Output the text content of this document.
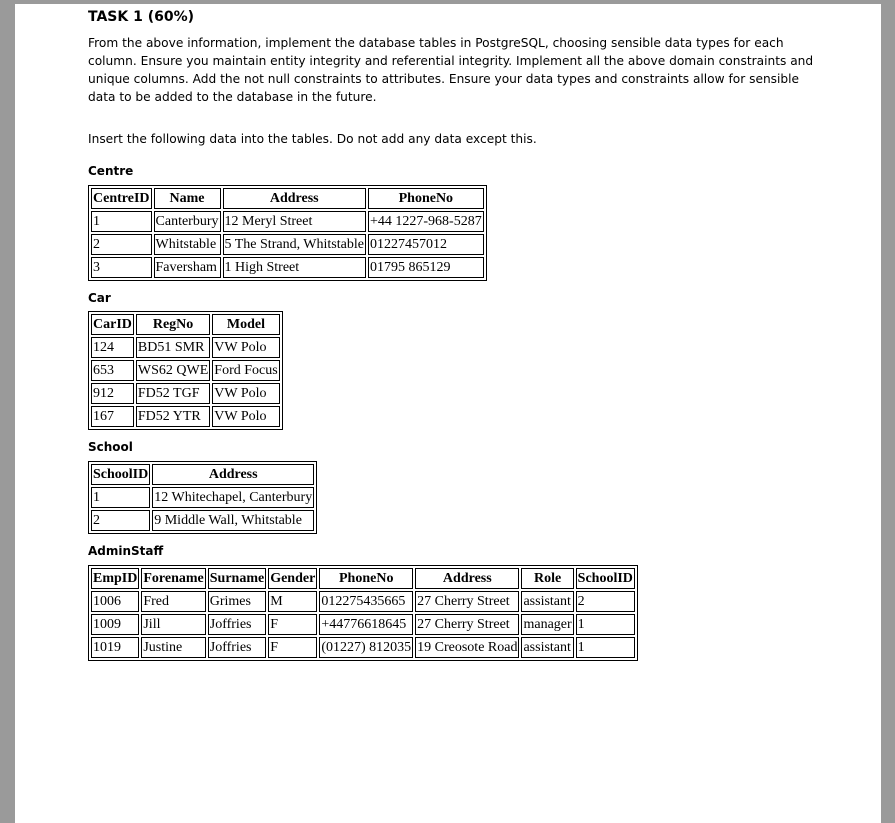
TASK 1 (60%)

From the above information, implement the database tables in PostgreSQL, choosing sensible data types for each column. Ensure you maintain entity integrity and referential integrity. Implement all the above domain constraints and unique columns. Add the not null constraints to attributes. Ensure your data types and constraints allow for sensible data to be added to the database in the future.

Insert the following data into the tables. Do not add any data except this.
Centre
CentreID	Name	Address	PhoneNo
1	Canterbury	12 Meryl Street	+44 1227-968-5287
2	Whitstable	5 The Strand, Whitstable	01227457012
3	Faversham	1 High Street	01795 865129
Car
CarID	RegNo	Model
124	BD51 SMR	VW Polo
653	WS62 QWE	Ford Focus
912	FD52 TGF	VW Polo
167	FD52 YTR	VW Polo
School
SchoolID	Address
1	12 Whitechapel, Canterbury
2	9 Middle Wall, Whitstable
AdminStaff
EmpID	Forename	Surname	Gender	PhoneNo	Address	Role	SchoolID
1006	Fred	Grimes	M	012275435665	27 Cherry Street	assistant	2
1009	Jill	Joffries	F	+44776618645	27 Cherry Street	manager	1
1019	Justine	Joffries	F	(01227) 812035	19 Creosote Road	assistant	1
